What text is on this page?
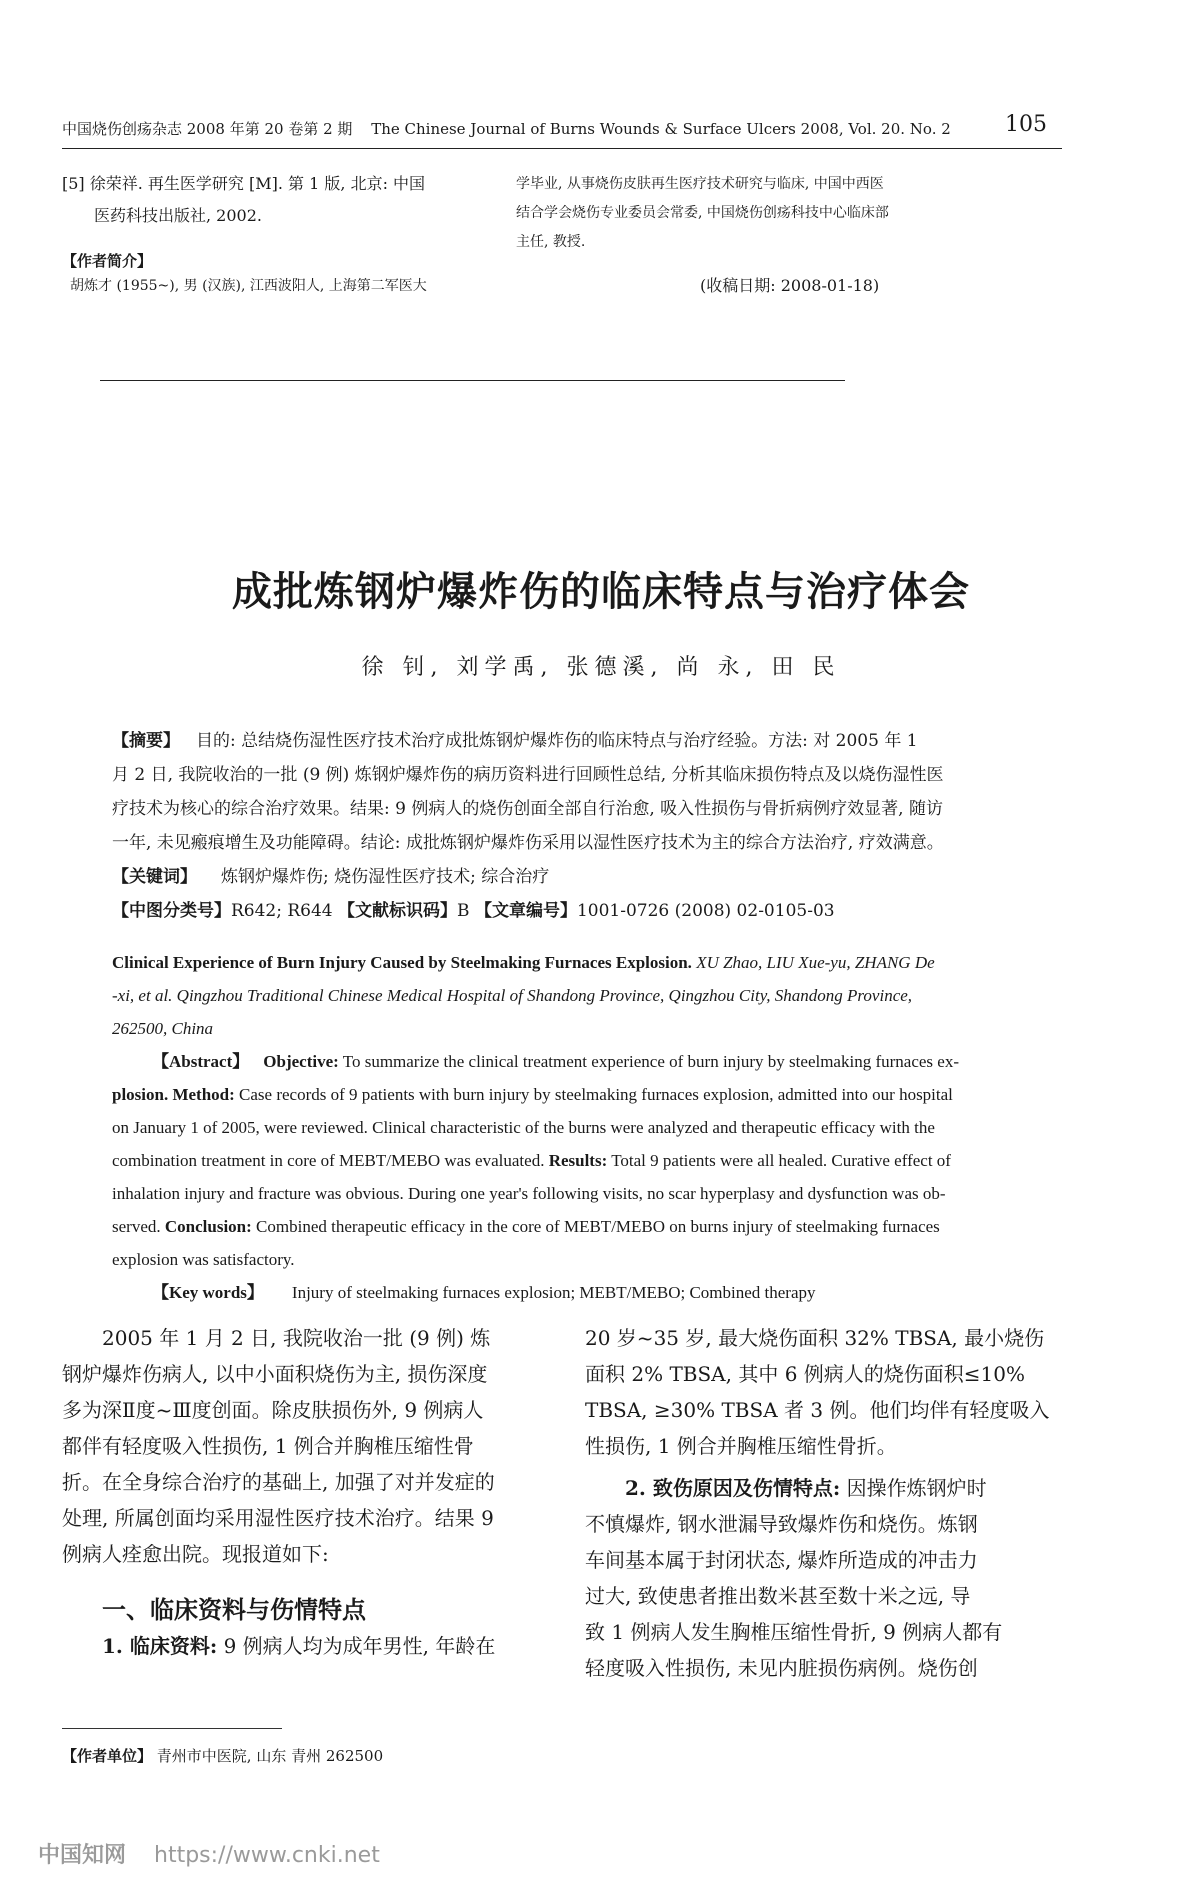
中国烧伤创疡杂志 2008 年第 20 卷第 2 期 The Chinese Journal of Burns Wounds & Surface Ulcers 2008, Vol. 20. No. 2	105
[5] 徐荣祥. 再生医学研究 [M]. 第 1 版, 北京: 中国
医药科技出版社, 2002.
【作者简介】
胡炼才 (1955~), 男 (汉族), 江西波阳人, 上海第二军医大
学毕业, 从事烧伤皮肤再生医疗技术研究与临床, 中国中西医
结合学会烧伤专业委员会常委, 中国烧伤创疡科技中心临床部
主任, 教授.
(收稿日期: 2008-01-18)
成批炼钢炉爆炸伤的临床特点与治疗体会
徐 钊, 刘学禹, 张德溪, 尚 永, 田 民
【摘要】 目的: 总结烧伤湿性医疗技术治疗成批炼钢炉爆炸伤的临床特点与治疗经验。方法: 对 2005 年 1
月 2 日, 我院收治的一批 (9 例) 炼钢炉爆炸伤的病历资料进行回顾性总结, 分析其临床损伤特点及以烧伤湿性医
疗技术为核心的综合治疗效果。结果: 9 例病人的烧伤创面全部自行治愈, 吸入性损伤与骨折病例疗效显著, 随访
一年, 未见瘢痕增生及功能障碍。结论: 成批炼钢炉爆炸伤采用以湿性医疗技术为主的综合方法治疗, 疗效满意。
【关键词】 炼钢炉爆炸伤; 烧伤湿性医疗技术; 综合治疗
【中图分类号】R642; R644 【文献标识码】B 【文章编号】1001-0726 (2008) 02-0105-03
Clinical Experience of Burn Injury Caused by Steelmaking Furnaces Explosion. XU Zhao, LIU Xue-yu, ZHANG De
-xi, et al. Qingzhou Traditional Chinese Medical Hospital of Shandong Province, Qingzhou City, Shandong Province,
262500, China
【Abstract】 Objective: To summarize the clinical treatment experience of burn injury by steelmaking furnaces ex-
plosion. Method: Case records of 9 patients with burn injury by steelmaking furnaces explosion, admitted into our hospital
on January 1 of 2005, were reviewed. Clinical characteristic of the burns were analyzed and therapeutic efficacy with the
combination treatment in core of MEBT/MEBO was evaluated. Results: Total 9 patients were all healed. Curative effect of
inhalation injury and fracture was obvious. During one year's following visits, no scar hyperplasy and dysfunction was ob-
served. Conclusion: Combined therapeutic efficacy in the core of MEBT/MEBO on burns injury of steelmaking furnaces
explosion was satisfactory.
【Key words】 Injury of steelmaking furnaces explosion; MEBT/MEBO; Combined therapy
2005 年 1 月 2 日, 我院收治一批 (9 例) 炼
钢炉爆炸伤病人, 以中小面积烧伤为主, 损伤深度
多为深Ⅱ度~Ⅲ度创面。除皮肤损伤外, 9 例病人
都伴有轻度吸入性损伤, 1 例合并胸椎压缩性骨
折。在全身综合治疗的基础上, 加强了对并发症的
处理, 所属创面均采用湿性医疗技术治疗。结果 9
例病人痊愈出院。现报道如下:
一、临床资料与伤情特点
1. 临床资料: 9 例病人均为成年男性, 年龄在
20 岁~35 岁, 最大烧伤面积 32% TBSA, 最小烧伤
面积 2% TBSA, 其中 6 例病人的烧伤面积≤10%
TBSA, ≥30% TBSA 者 3 例。他们均伴有轻度吸入
性损伤, 1 例合并胸椎压缩性骨折。
2. 致伤原因及伤情特点: 因操作炼钢炉时
不慎爆炸, 钢水泄漏导致爆炸伤和烧伤。炼钢
车间基本属于封闭状态, 爆炸所造成的冲击力
过大, 致使患者推出数米甚至数十米之远, 导
致 1 例病人发生胸椎压缩性骨折, 9 例病人都有
轻度吸入性损伤, 未见内脏损伤病例。烧伤创
【作者单位】 青州市中医院, 山东 青州 262500
中国知网 https://www.cnki.net
